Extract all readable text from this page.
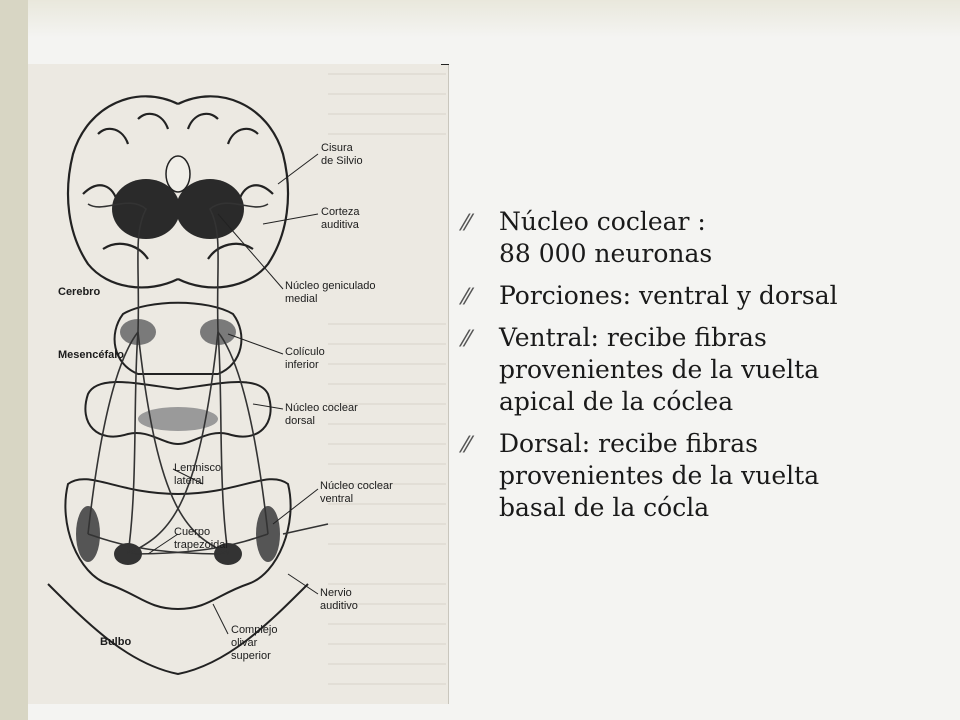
Cisura
de Silvio
Corteza
auditiva
Cerebro	Núcleo geniculado
medial
Mesencéfalo	Colículo
inferior
Núcleo coclear
dorsal
Lemnisco
lateral	Núcleo coclear
ventral
Cuerpo
trapezoidal
Nervio
auditivo
Bulbo
Complejo
olivar
superior
⁄⁄ Núcleo coclear :
88 000 neuronas
⁄⁄ Porciones: ventral y dorsal
⁄⁄ Ventral: recibe fibras
provenientes de la vuelta
apical de la cóclea
⁄⁄ Dorsal: recibe fibras
provenientes de la vuelta
basal de la cócla
